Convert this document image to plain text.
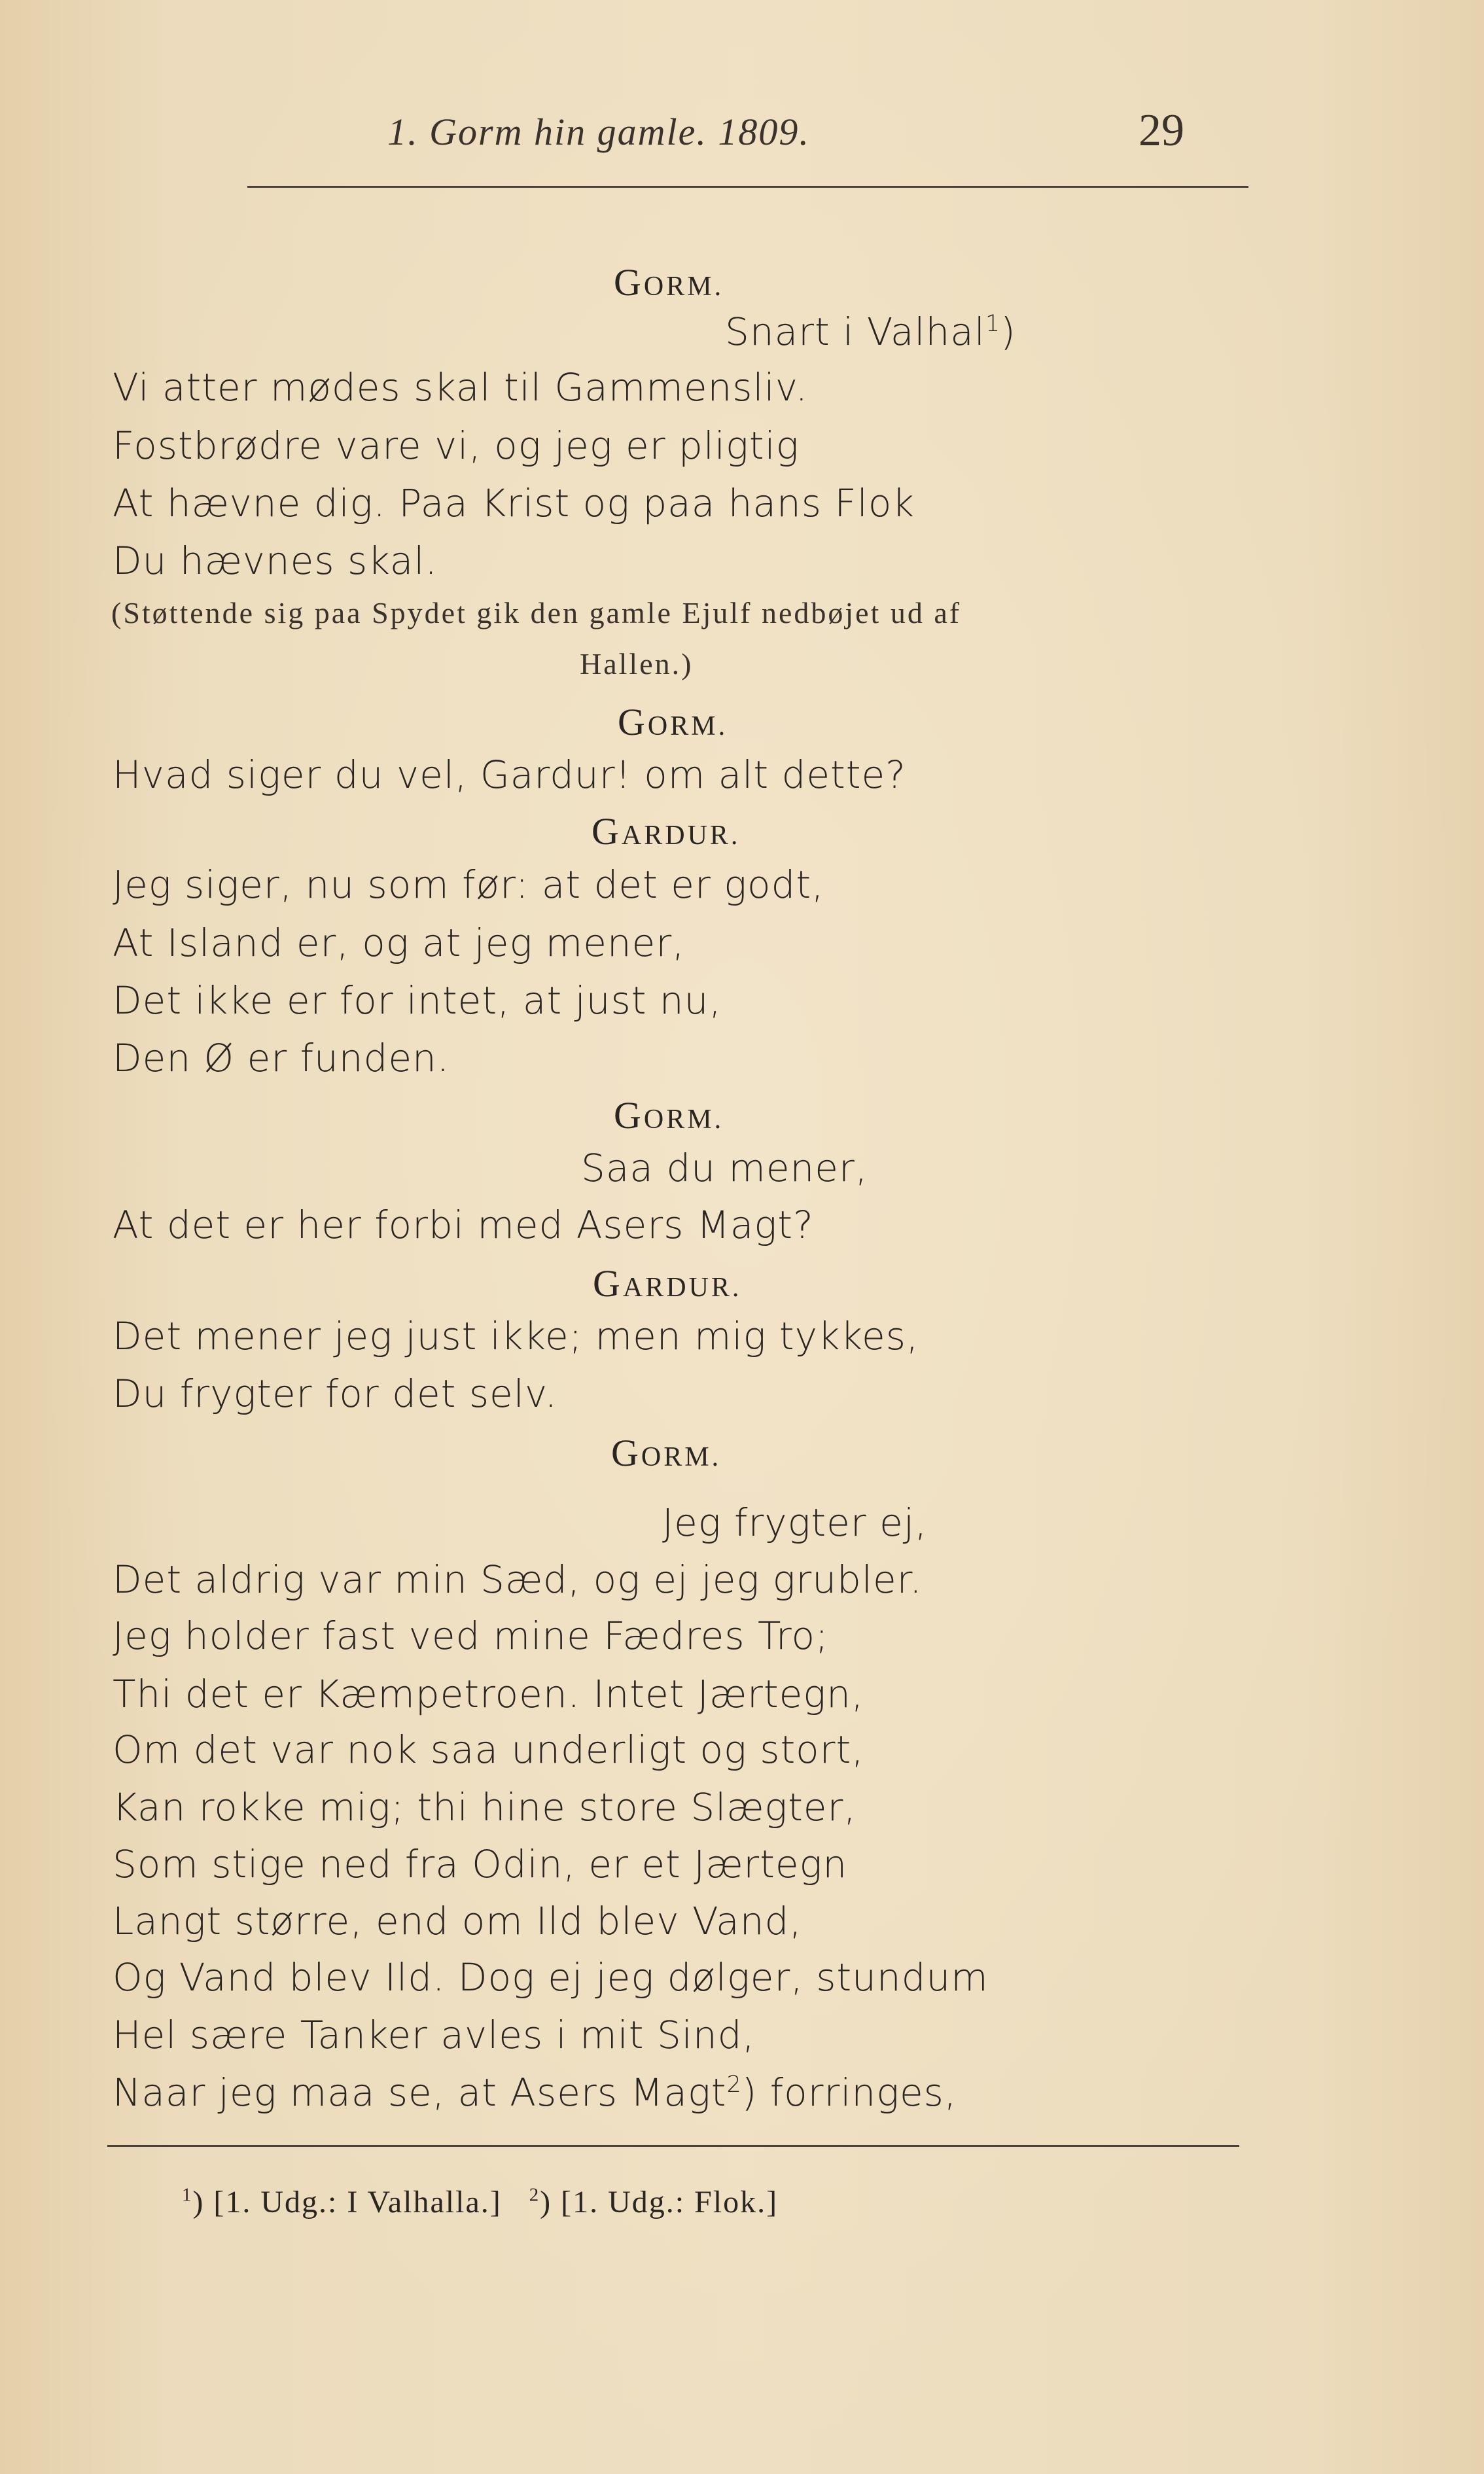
1. Gorm hin gamle. 1809.	29
GORM.
Snart i Valhal$^1$)
Vi atter mødes skal til Gammensliv.
Fostbrødre vare vi, og jeg er pligtig
At hævne dig. Paa Krist og paa hans Flok
Du hævnes skal.
(Støttende sig paa Spydet gik den gamle Ejulf nedbøjet ud af
Hallen.)
GORM.
Hvad siger du vel, Gardur! om alt dette?
GARDUR.
Jeg siger, nu som før: at det er godt,
At Island er, og at jeg mener,
Det ikke er for intet, at just nu,
Den Ø er funden.
GORM.
Saa du mener,
At det er her forbi med Asers Magt?
GARDUR.
Det mener jeg just ikke; men mig tykkes,
Du frygter for det selv.
GORM.
Jeg frygter ej,
Det aldrig var min Sæd, og ej jeg grubler.
Jeg holder fast ved mine Fædres Tro;
Thi det er Kæmpetroen. Intet Jærtegn,
Om det var nok saa underligt og stort,
Kan rokke mig; thi hine store Slægter,
Som stige ned fra Odin, er et Jærtegn
Langt større, end om Ild blev Vand,
Og Vand blev Ild. Dog ej jeg dølger, stundum
Hel sære Tanker avles i mit Sind,
Naar jeg maa se, at Asers Magt$^2$) forringes,
$^1$) [1. Udg.: I Valhalla.] $^2$) [1. Udg.: Flok.]
